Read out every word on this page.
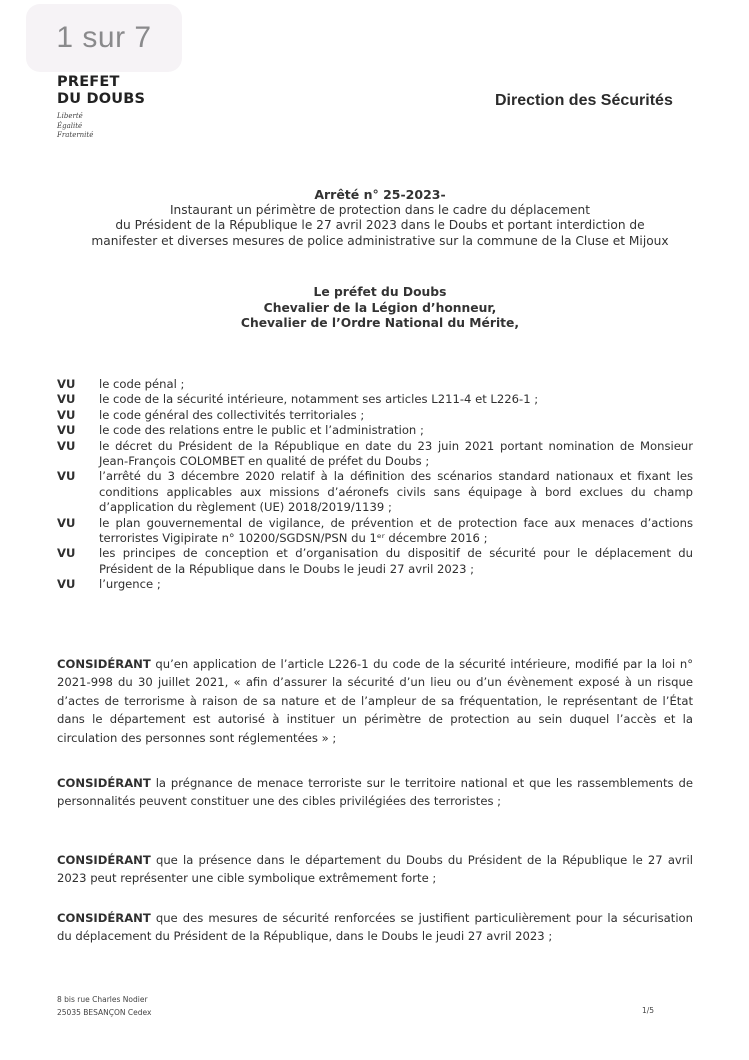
1 sur 7
PREFET
DU DOUBS
Liberté
Égalité
Fraternité
Direction des Sécurités
Arrêté n° 25-2023-
Instaurant un périmètre de protection dans le cadre du déplacement
du Président de la République le 27 avril 2023 dans le Doubs et portant interdiction de
manifester et diverses mesures de police administrative sur la commune de la Cluse et Mijoux
Le préfet du Doubs
Chevalier de la Légion d’honneur,
Chevalier de l’Ordre National du Mérite,
VU	le code pénal ;
VU	le code de la sécurité intérieure, notamment ses articles L211-4 et L226-1 ;
VU	le code général des collectivités territoriales ;
VU	le code des relations entre le public et l’administration ;
VU	le décret du Président de la République en date du 23 juin 2021 portant nomination de Monsieur Jean-François COLOMBET en qualité de préfet du Doubs ;
VU	l’arrêté du 3 décembre 2020 relatif à la définition des scénarios standard nationaux et fixant les conditions applicables aux missions d’aéronefs civils sans équipage à bord exclues du champ d’application du règlement (UE) 2018/2019/1139 ;
VU	le plan gouvernemental de vigilance, de prévention et de protection face aux menaces d’actions terroristes Vigipirate n° 10200/SGDSN/PSN du 1ᵉʳ décembre 2016 ;
VU	les principes de conception et d’organisation du dispositif de sécurité pour le déplacement du Président de la République dans le Doubs le jeudi 27 avril 2023 ;
VU	l’urgence ;
CONSIDÉRANT qu’en application de l’article L226-1 du code de la sécurité intérieure, modifié par la loi n° 2021-998 du 30 juillet 2021, « afin d’assurer la sécurité d’un lieu ou d’un évènement exposé à un risque d’actes de terrorisme à raison de sa nature et de l’ampleur de sa fréquentation, le représentant de l’État dans le département est autorisé à instituer un périmètre de protection au sein duquel l’accès et la circulation des personnes sont réglementées » ;
CONSIDÉRANT la prégnance de menace terroriste sur le territoire national et que les rassemblements de personnalités peuvent constituer une des cibles privilégiées des terroristes ;
CONSIDÉRANT que la présence dans le département du Doubs du Président de la République le 27 avril 2023 peut représenter une cible symbolique extrêmement forte ;
CONSIDÉRANT que des mesures de sécurité renforcées se justifient particulièrement pour la sécurisation du déplacement du Président de la République, dans le Doubs le jeudi 27 avril 2023 ;
8 bis rue Charles Nodier
25035 BESANÇON Cedex	1/5
